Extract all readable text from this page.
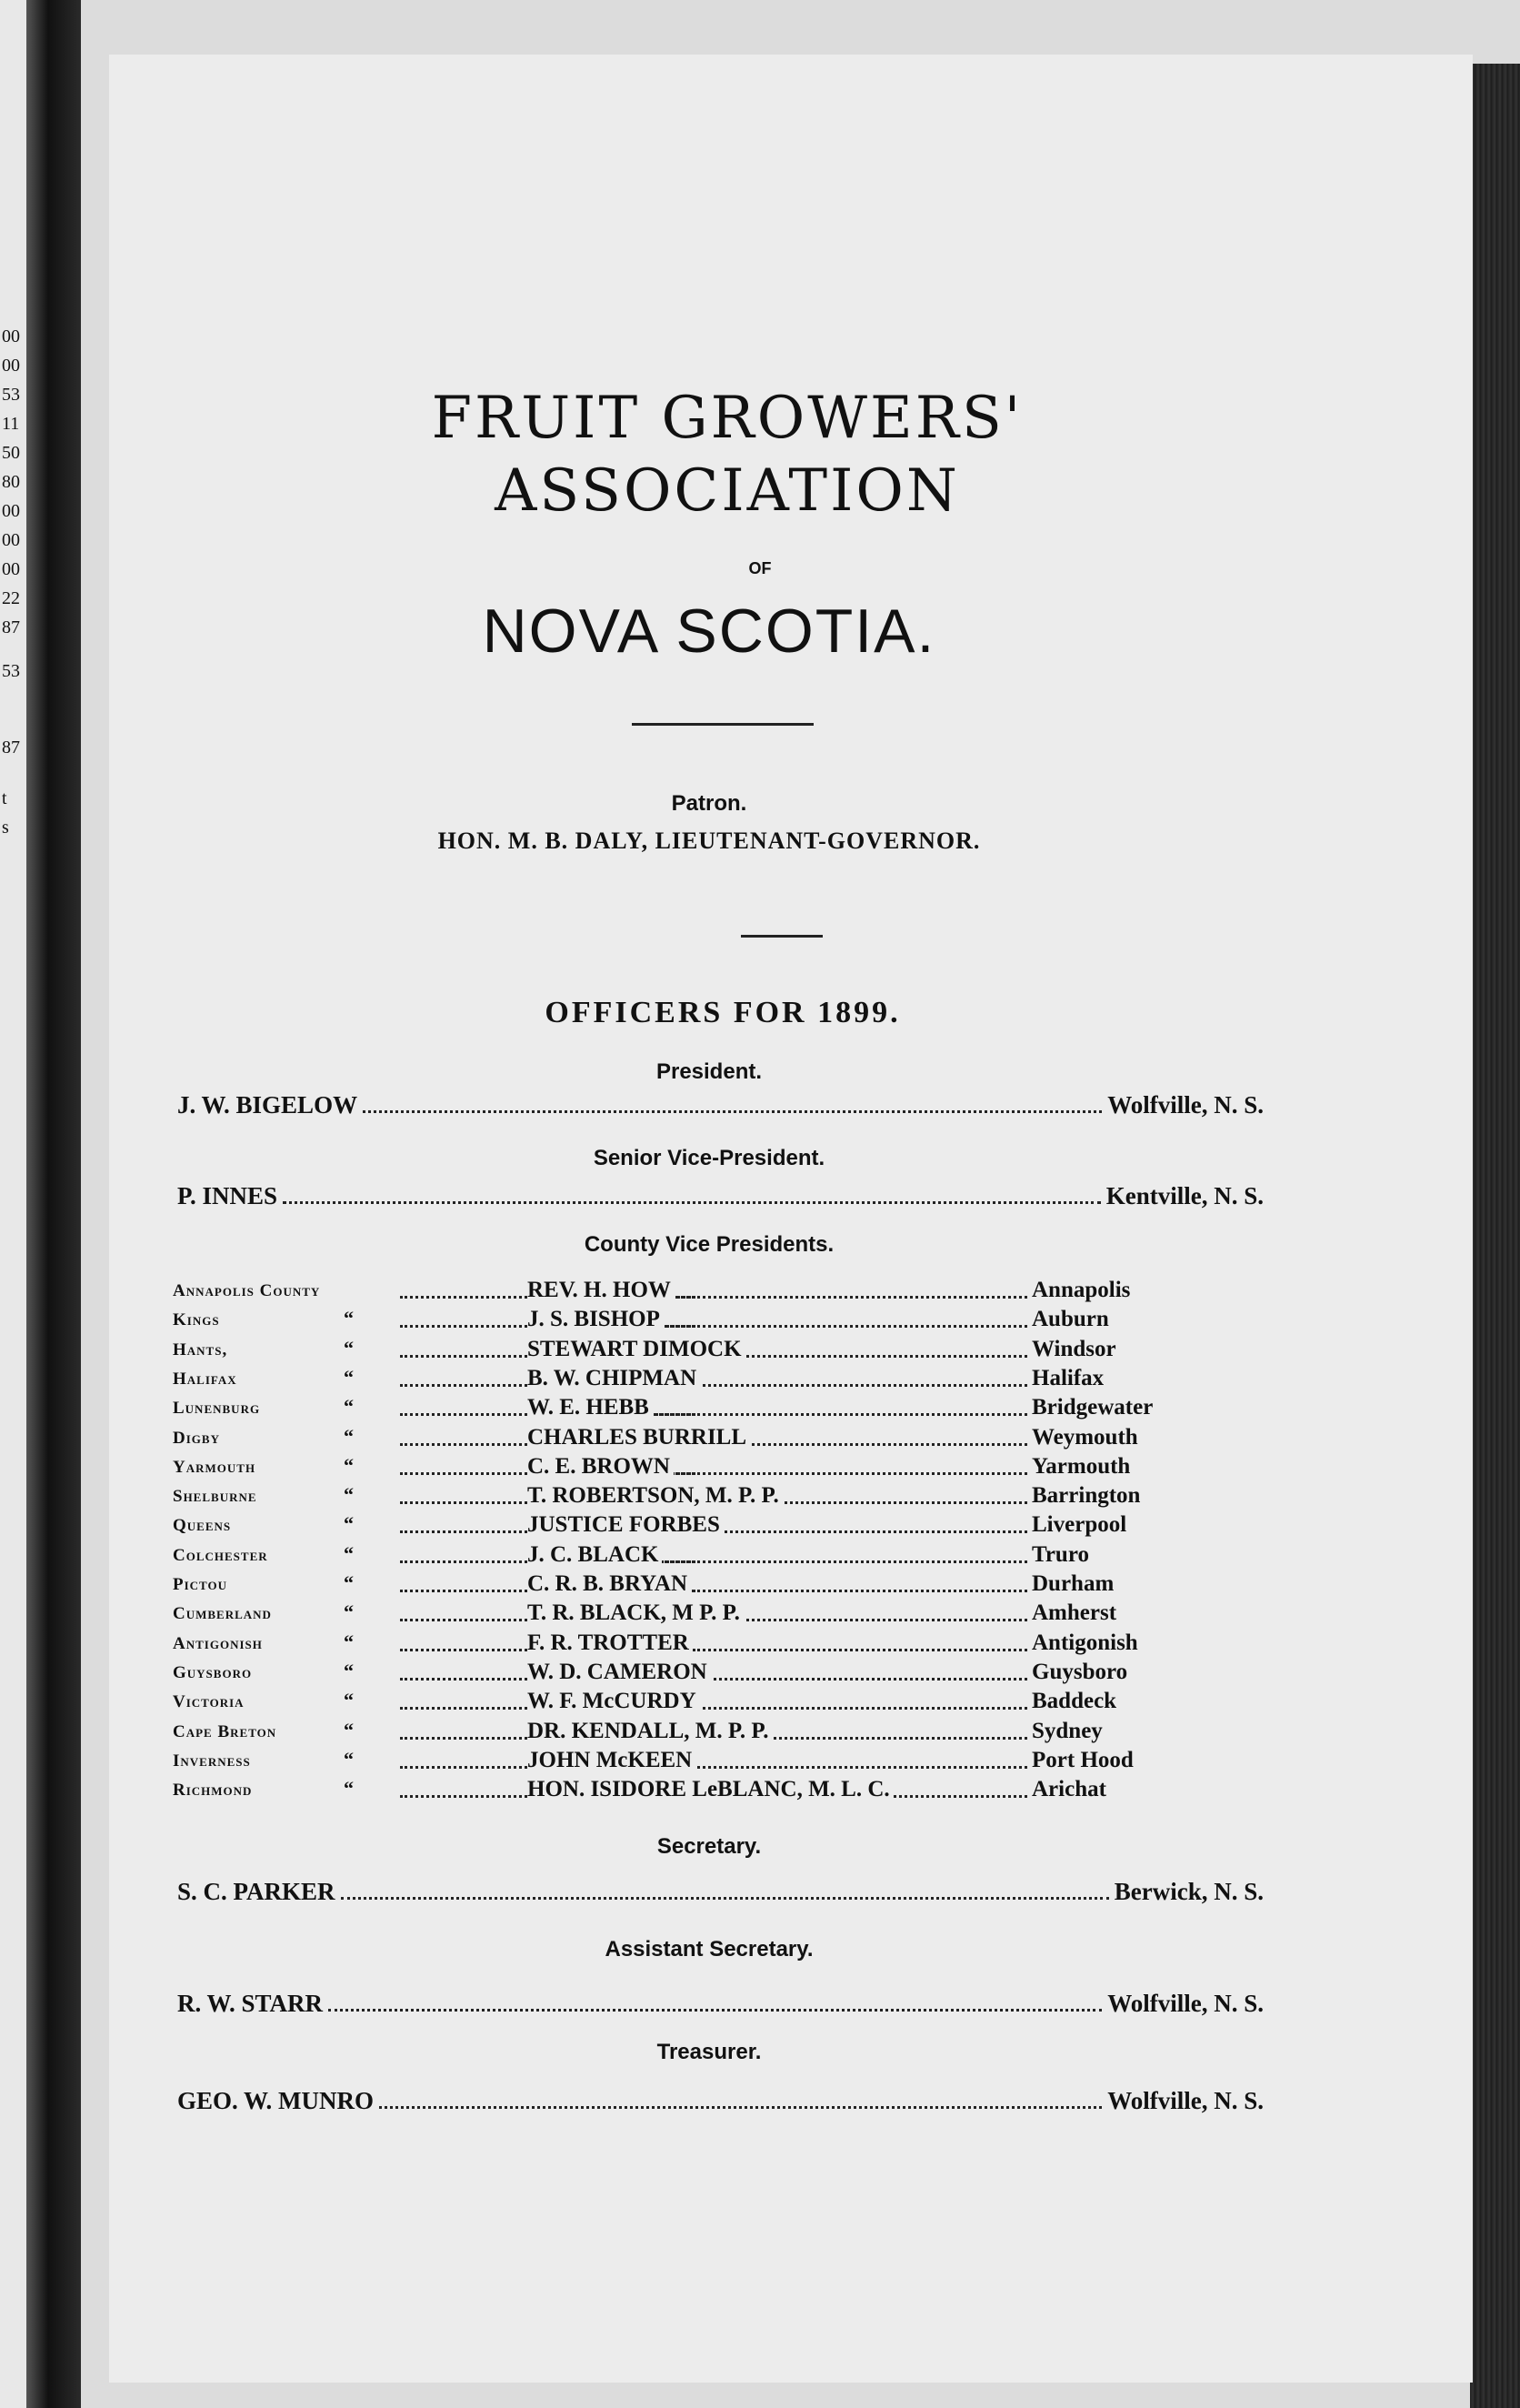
00
00
53
11
50
80
00
00
00
22
87
53
87
t
s
FRUIT GROWERS' ASSOCIATION
OF
NOVA SCOTIA.
Patron.
HON. M. B. DALY, LIEUTENANT-GOVERNOR.
OFFICERS FOR 1899.
President.
J. W. BIGELOW	Wolfville, N. S.
Senior Vice-President.
P. INNES	Kentville, N. S.
County Vice Presidents.
Annapolis County	REV. H. HOW	Annapolis
Kings	“	J. S. BISHOP	Auburn
Hants,	“	STEWART DIMOCK	Windsor
Halifax	“	B. W. CHIPMAN	Halifax
Lunenburg	“	W. E. HEBB	Bridgewater
Digby	“	CHARLES BURRILL	Weymouth
Yarmouth	“	C. E. BROWN	Yarmouth
Shelburne	“	T. ROBERTSON, M. P. P.	Barrington
Queens	“	JUSTICE FORBES	Liverpool
Colchester	“	J. C. BLACK	Truro
Pictou	“	C. R. B. BRYAN	Durham
Cumberland	“	T. R. BLACK, M P. P.	Amherst
Antigonish	“	F. R. TROTTER	Antigonish
Guysboro	“	W. D. CAMERON	Guysboro
Victoria	“	W. F. McCURDY	Baddeck
Cape Breton	“	DR. KENDALL, M. P. P.	Sydney
Inverness	“	JOHN McKEEN	Port Hood
Richmond	“	HON. ISIDORE LeBLANC, M. L. C.	Arichat
Secretary.
S. C. PARKER	Berwick, N. S.
Assistant Secretary.
R. W. STARR	Wolfville, N. S.
Treasurer.
GEO. W. MUNRO	Wolfville, N. S.
